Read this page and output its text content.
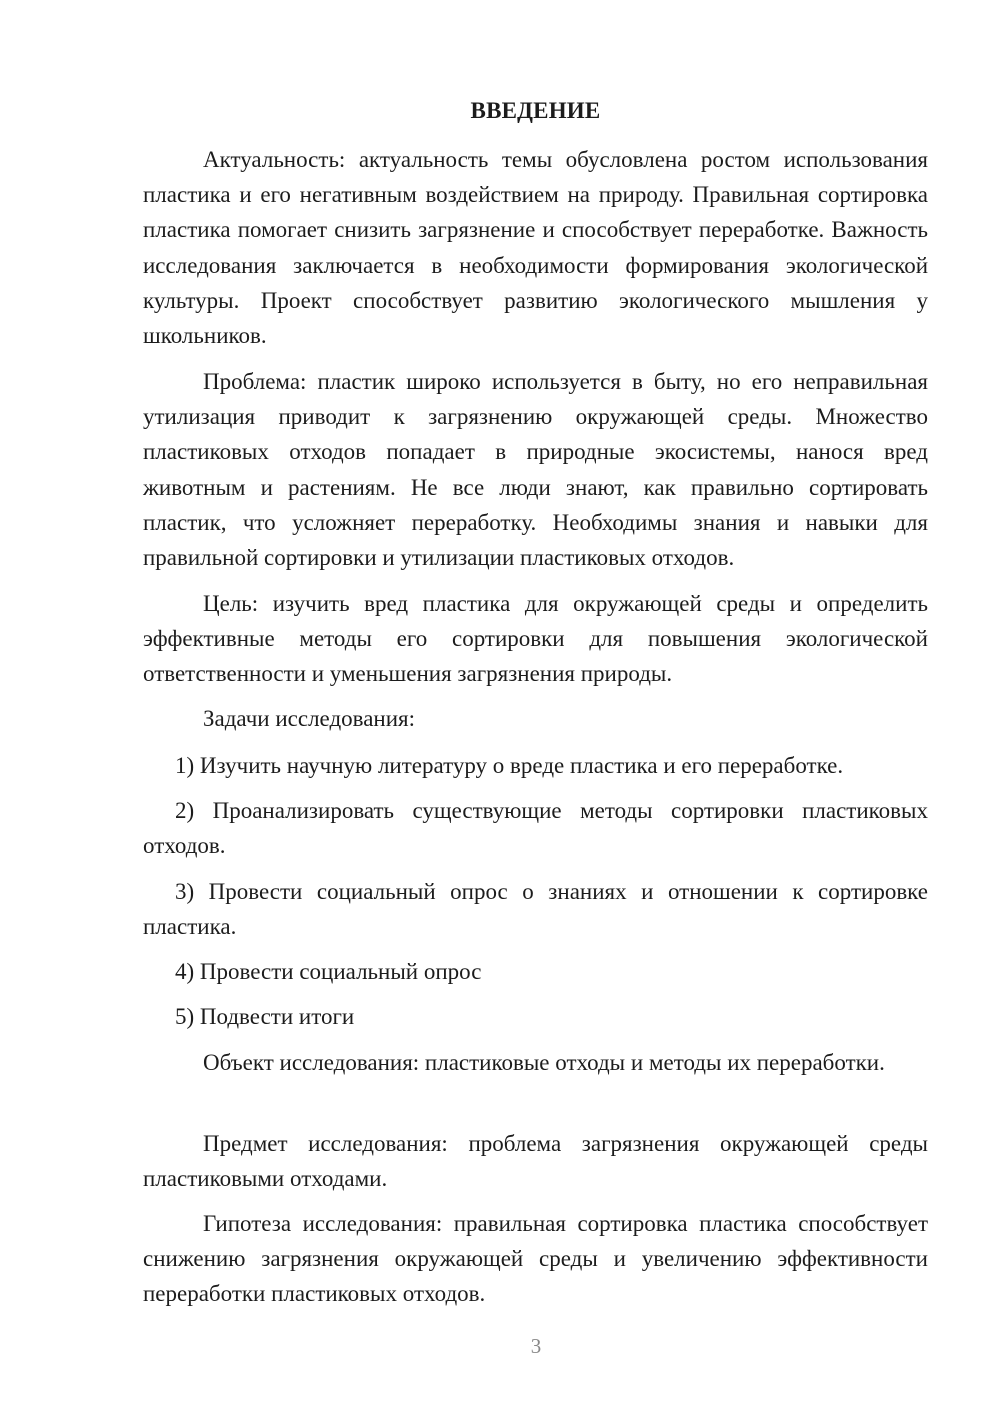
ВВЕДЕНИЕ

Актуальность: актуальность темы обусловлена ростом использования пластика и его негативным воздействием на природу. Правильная сортировка пластика помогает снизить загрязнение и способствует переработке. Важность исследования заключается в необходимости формирования экологической культуры. Проект способствует развитию экологического мышления у школьников.

Проблема: пластик широко используется в быту, но его неправильная утилизация приводит к загрязнению окружающей среды. Множество пластиковых отходов попадает в природные экосистемы, нанося вред животным и растениям. Не все люди знают, как правильно сортировать пластик, что усложняет переработку. Необходимы знания и навыки для правильной сортировки и утилизации пластиковых отходов.

Цель: изучить вред пластика для окружающей среды и определить эффективные методы его сортировки для повышения экологической ответственности и уменьшения загрязнения природы.

Задачи исследования:

1) Изучить научную литературу о вреде пластика и его переработке.

2) Проанализировать существующие методы сортировки пластиковых отходов.

3) Провести социальный опрос о знаниях и отношении к сортировке пластика.

4) Провести социальный опрос

5) Подвести итоги

Объект исследования: пластиковые отходы и методы их переработки.

Предмет исследования: проблема загрязнения окружающей среды пластиковыми отходами.

Гипотеза исследования: правильная сортировка пластика способствует снижению загрязнения окружающей среды и увеличению эффективности переработки пластиковых отходов.

3
